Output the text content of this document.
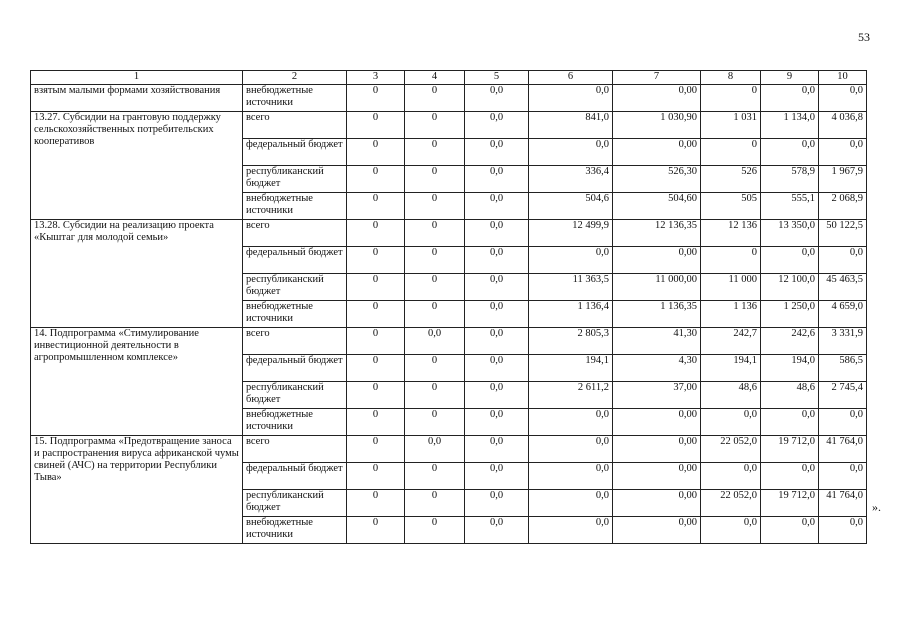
53
1	2	3	4	5	6	7	8	9	10
взятым малыми формами хозяйствования	внебюджетные источники	0	0	0,0	0,0	0,00	0	0,0	0,0
13.27. Субсидии на грантовую поддержку сельскохозяйственных потребительских кооперативов	всего	0	0	0,0	841,0	1 030,90	1 031	1 134,0	4 036,8
	федеральный бюджет	0	0	0,0	0,0	0,00	0	0,0	0,0
	республиканский бюджет	0	0	0,0	336,4	526,30	526	578,9	1 967,9
	внебюджетные источники	0	0	0,0	504,6	504,60	505	555,1	2 068,9
13.28. Субсидии на реализацию проекта «Кыштаг для молодой семьи»	всего	0	0	0,0	12 499,9	12 136,35	12 136	13 350,0	50 122,5
	федеральный бюджет	0	0	0,0	0,0	0,00	0	0,0	0,0
	республиканский бюджет	0	0	0,0	11 363,5	11 000,00	11 000	12 100,0	45 463,5
	внебюджетные источники	0	0	0,0	1 136,4	1 136,35	1 136	1 250,0	4 659,0
14. Подпрограмма «Стимулирование инвестиционной деятельности в агропромышленном комплексе»	всего	0	0,0	0,0	2 805,3	41,30	242,7	242,6	3 331,9
	федеральный бюджет	0	0	0,0	194,1	4,30	194,1	194,0	586,5
	республиканский бюджет	0	0	0,0	2 611,2	37,00	48,6	48,6	2 745,4
	внебюджетные источники	0	0	0,0	0,0	0,00	0,0	0,0	0,0
15. Подпрограмма «Предотвращение заноса и распространения вируса африканской чумы свиней (АЧС) на территории Республики Тыва»	всего	0	0,0	0,0	0,0	0,00	22 052,0	19 712,0	41 764,0
	федеральный бюджет	0	0	0,0	0,0	0,00	0,0	0,0	0,0
	республиканский бюджет	0	0	0,0	0,0	0,00	22 052,0	19 712,0	41 764,0
	внебюджетные источники	0	0	0,0	0,0	0,00	0,0	0,0	0,0
».
